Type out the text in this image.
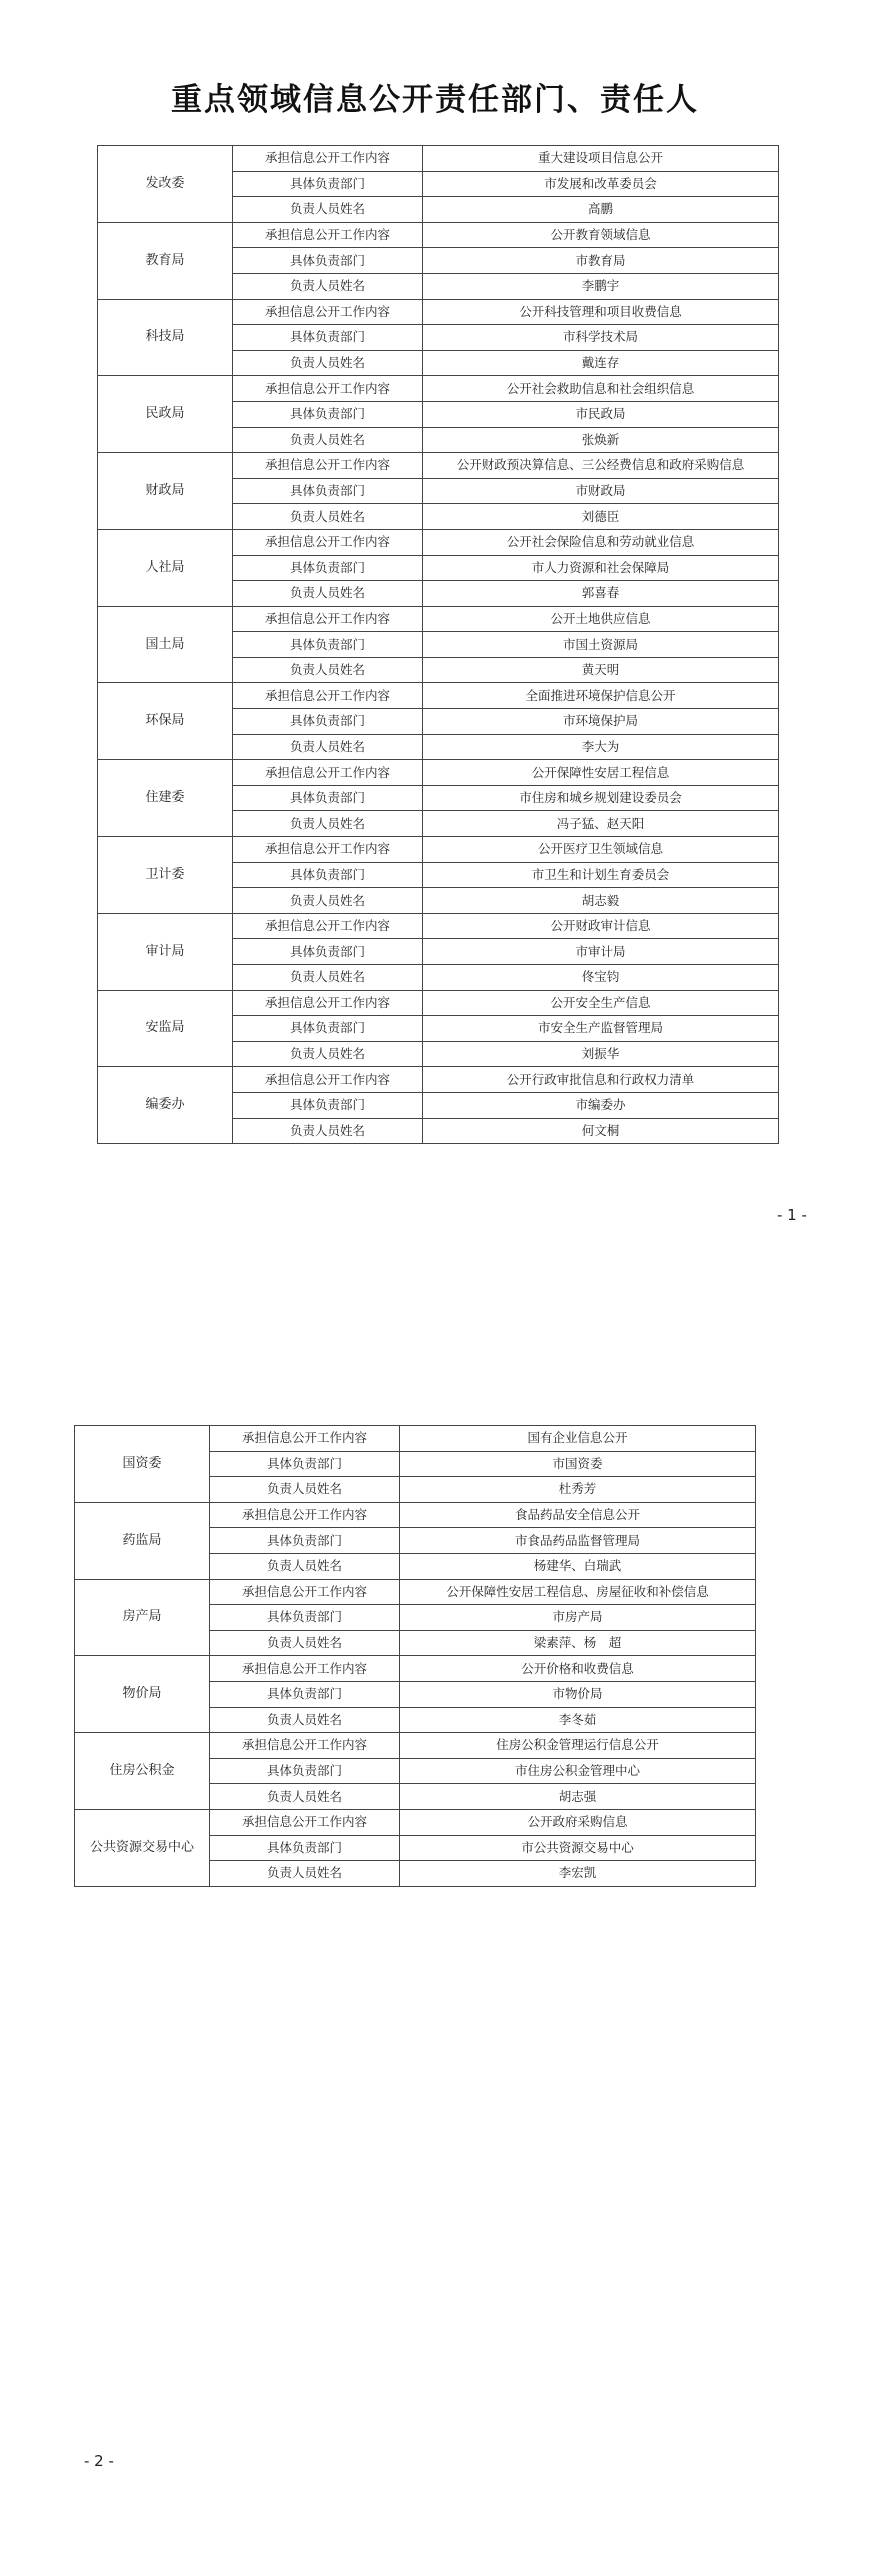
重点领域信息公开责任部门、责任人
发改委	承担信息公开工作内容	重大建设项目信息公开
	具体负责部门	市发展和改革委员会
	负责人员姓名	高鹏
教育局	承担信息公开工作内容	公开教育领域信息
	具体负责部门	市教育局
	负责人员姓名	李鹏宇
科技局	承担信息公开工作内容	公开科技管理和项目收费信息
	具体负责部门	市科学技术局
	负责人员姓名	戴连存
民政局	承担信息公开工作内容	公开社会救助信息和社会组织信息
	具体负责部门	市民政局
	负责人员姓名	张焕新
财政局	承担信息公开工作内容	公开财政预决算信息、三公经费信息和政府采购信息
	具体负责部门	市财政局
	负责人员姓名	刘德臣
人社局	承担信息公开工作内容	公开社会保险信息和劳动就业信息
	具体负责部门	市人力资源和社会保障局
	负责人员姓名	郭喜春
国土局	承担信息公开工作内容	公开土地供应信息
	具体负责部门	市国土资源局
	负责人员姓名	黄天明
环保局	承担信息公开工作内容	全面推进环境保护信息公开
	具体负责部门	市环境保护局
	负责人员姓名	李大为
住建委	承担信息公开工作内容	公开保障性安居工程信息
	具体负责部门	市住房和城乡规划建设委员会
	负责人员姓名	冯子猛、赵天阳
卫计委	承担信息公开工作内容	公开医疗卫生领域信息
	具体负责部门	市卫生和计划生育委员会
	负责人员姓名	胡志毅
审计局	承担信息公开工作内容	公开财政审计信息
	具体负责部门	市审计局
	负责人员姓名	佟宝钧
安监局	承担信息公开工作内容	公开安全生产信息
	具体负责部门	市安全生产监督管理局
	负责人员姓名	刘振华
编委办	承担信息公开工作内容	公开行政审批信息和行政权力清单
	具体负责部门	市编委办
	负责人员姓名	何文桐
- 1 -
国资委	承担信息公开工作内容	国有企业信息公开
	具体负责部门	市国资委
	负责人员姓名	杜秀芳
药监局	承担信息公开工作内容	食品药品安全信息公开
	具体负责部门	市食品药品监督管理局
	负责人员姓名	杨建华、白瑞武
房产局	承担信息公开工作内容	公开保障性安居工程信息、房屋征收和补偿信息
	具体负责部门	市房产局
	负责人员姓名	梁素萍、杨　超
物价局	承担信息公开工作内容	公开价格和收费信息
	具体负责部门	市物价局
	负责人员姓名	李冬茹
住房公积金	承担信息公开工作内容	住房公积金管理运行信息公开
	具体负责部门	市住房公积金管理中心
	负责人员姓名	胡志强
公共资源交易中心	承担信息公开工作内容	公开政府采购信息
	具体负责部门	市公共资源交易中心
	负责人员姓名	李宏凯
- 2 -
